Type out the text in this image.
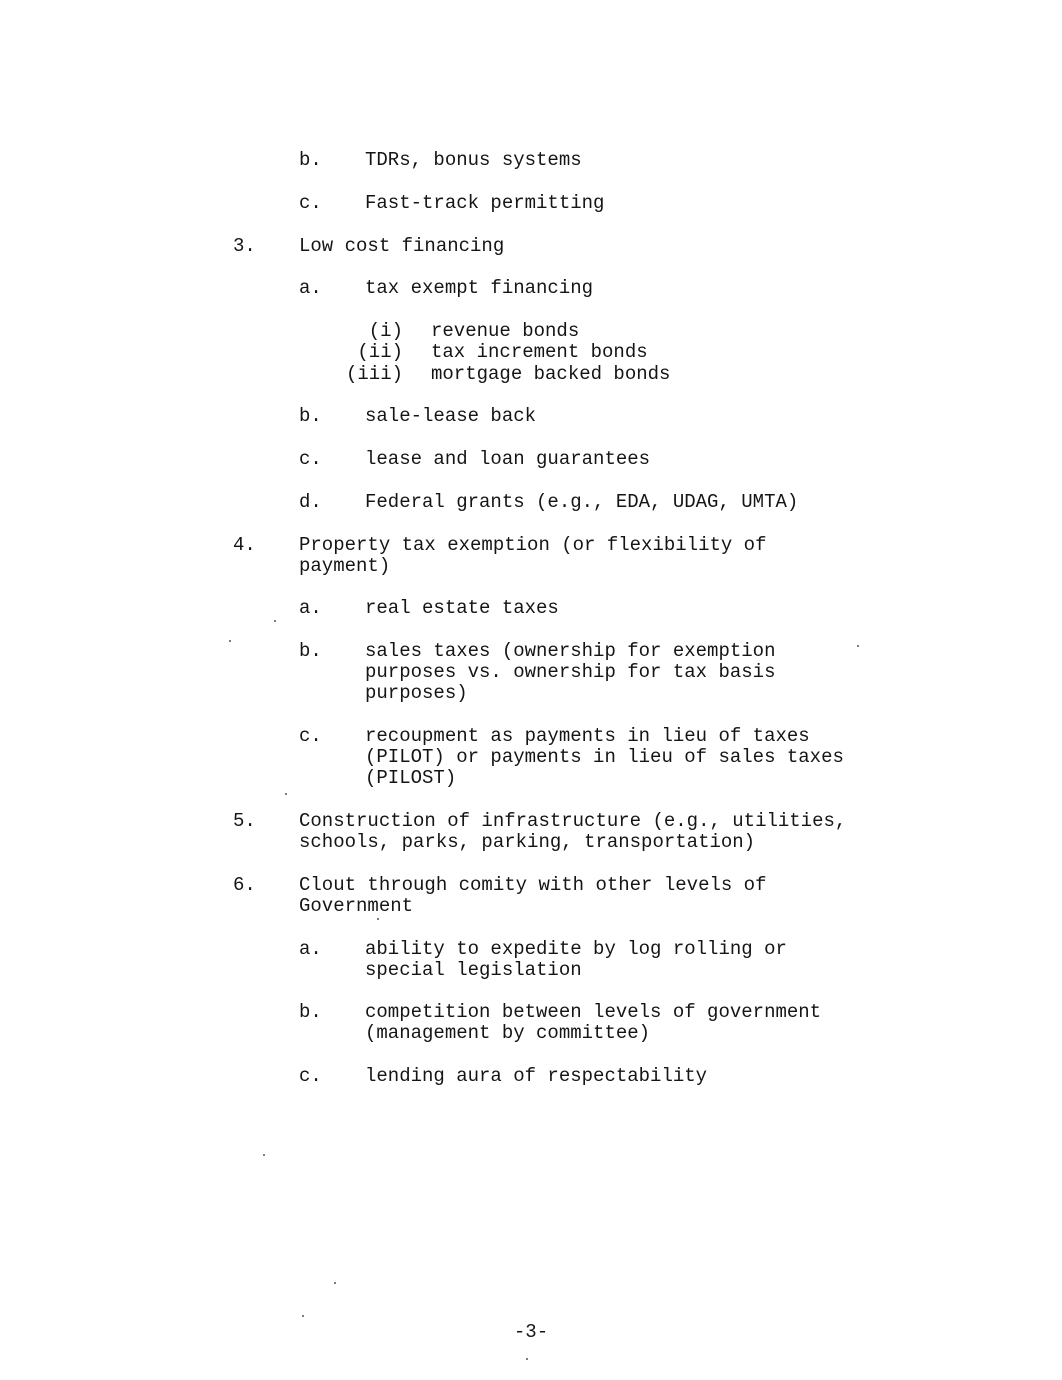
b. TDRs, bonus systems
c. Fast-track permitting
3. Low cost financing
a. tax exempt financing
(i) revenue bonds
(ii) tax increment bonds
(iii) mortgage backed bonds
b. sale-lease back
c. lease and loan guarantees
d. Federal grants (e.g., EDA, UDAG, UMTA)
4. Property tax exemption (or flexibility of
payment)
a. real estate taxes
b. sales taxes (ownership for exemption
purposes vs. ownership for tax basis
purposes)
c. recoupment as payments in lieu of taxes
(PILOT) or payments in lieu of sales taxes
(PILOST)
5. Construction of infrastructure (e.g., utilities,
schools, parks, parking, transportation)
6. Clout through comity with other levels of
Government
a. ability to expedite by log rolling or
special legislation
b. competition between levels of government
(management by committee)
c. lending aura of respectability
-3-
